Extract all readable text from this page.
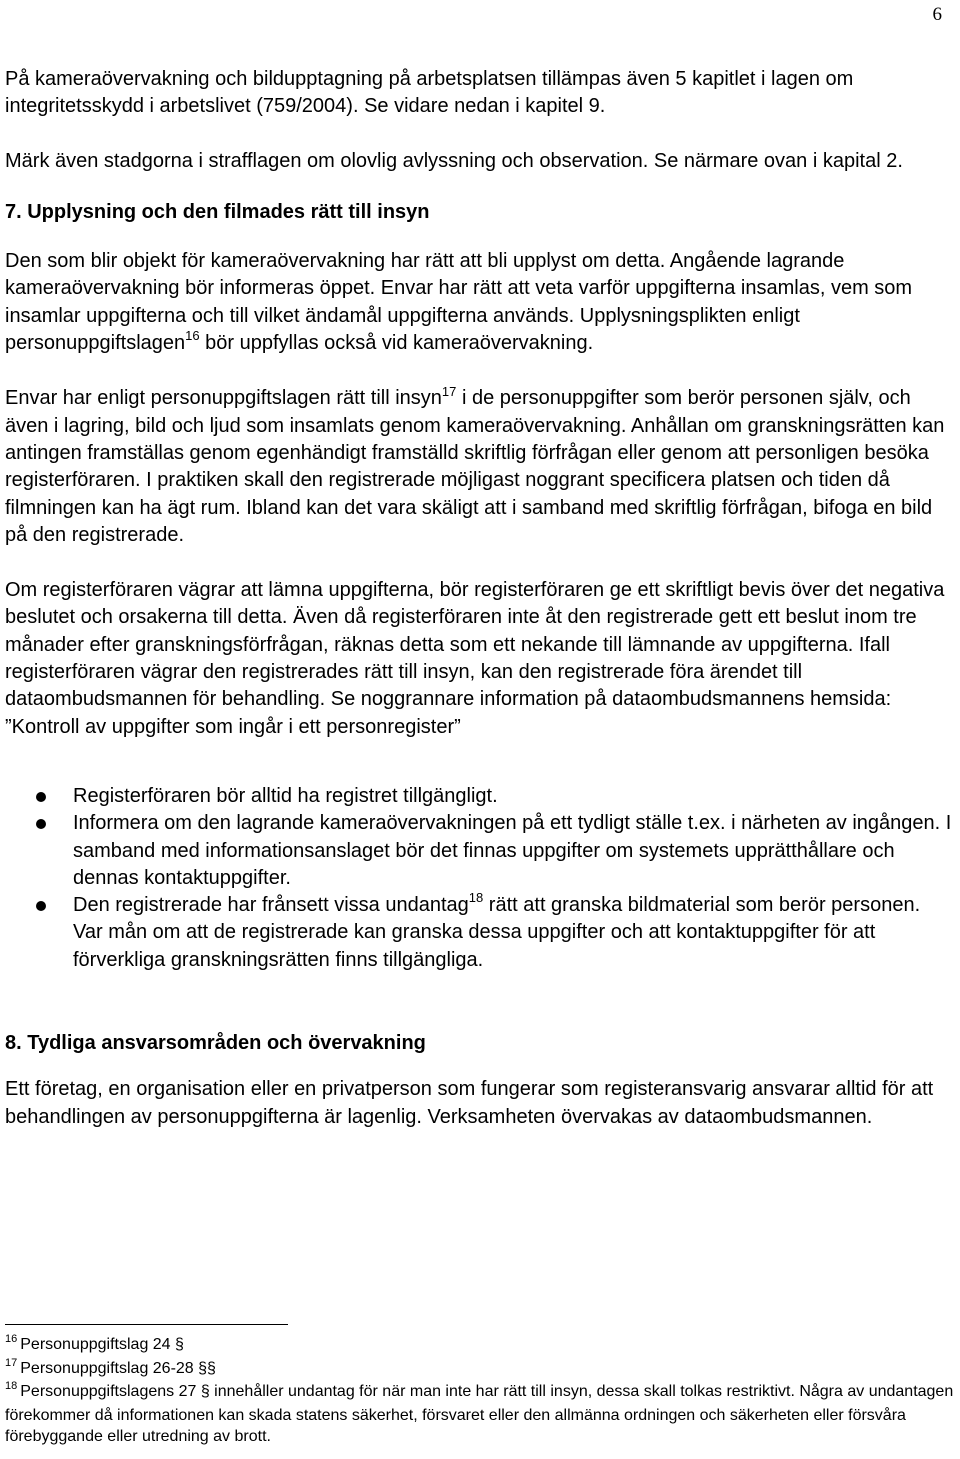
6

På kameraövervakning och bildupptagning på arbetsplatsen tillämpas även 5 kapitlet i lagen om integritetsskydd i arbetslivet (759/2004). Se vidare nedan i kapitel 9.

Märk även stadgorna i strafflagen om olovlig avlyssning och observation. Se närmare ovan i kapital 2.

7. Upplysning och den filmades rätt till insyn

Den som blir objekt för kameraövervakning har rätt att bli upplyst om detta. Angående lagrande kameraövervakning bör informeras öppet. Envar har rätt att veta varför uppgifterna insamlas, vem som insamlar uppgifterna och till vilket ändamål uppgifterna används. Upplysningsplikten enligt personuppgiftslagen$^{16}$ bör uppfyllas också vid kameraövervakning.

Envar har enligt personuppgiftslagen rätt till insyn$^{17}$ i de personuppgifter som berör personen själv, och även i lagring, bild och ljud som insamlats genom kameraövervakning. Anhållan om granskningsrätten kan antingen framställas genom egenhändigt framställd skriftlig förfrågan eller genom att personligen besöka registerföraren. I praktiken skall den registrerade möjligast noggrant specificera platsen och tiden då filmningen kan ha ägt rum. Ibland kan det vara skäligt att i samband med skriftlig förfrågan, bifoga en bild på den registrerade.

Om registerföraren vägrar att lämna uppgifterna, bör registerföraren ge ett skriftligt bevis över det negativa beslutet och orsakerna till detta. Även då registerföraren inte åt den registrerade gett ett beslut inom tre månader efter granskningsförfrågan, räknas detta som ett nekande till lämnande av uppgifterna. Ifall registerföraren vägrar den registrerades rätt till insyn, kan den registrerade föra ärendet till dataombudsmannen för behandling. Se noggrannare information på dataombudsmannens hemsida: ”Kontroll av uppgifter som ingår i ett personregister”

Registerföraren bör alltid ha registret tillgängligt.
Informera om den lagrande kameraövervakningen på ett tydligt ställe t.ex. i närheten av ingången. I samband med informationsanslaget bör det finnas uppgifter om systemets upprätthållare och dennas kontaktuppgifter.
Den registrerade har frånsett vissa undantag$^{18}$ rätt att granska bildmaterial som berör personen. Var mån om att de registrerade kan granska dessa uppgifter och att kontaktuppgifter för att förverkliga granskningsrätten finns tillgängliga.

8. Tydliga ansvarsområden och övervakning

Ett företag, en organisation eller en privatperson som fungerar som registeransvarig ansvarar alltid för att behandlingen av personuppgifterna är lagenlig. Verksamheten övervakas av dataombudsmannen.

$^{16}$ Personuppgiftslag 24 §
$^{17}$ Personuppgiftslag 26-28 §§
$^{18}$ Personuppgiftslagens 27 § innehåller undantag för när man inte har rätt till insyn, dessa skall tolkas restriktivt. Några av undantagen förekommer då informationen kan skada statens säkerhet, försvaret eller den allmänna ordningen och säkerheten eller försvåra förebyggande eller utredning av brott.
